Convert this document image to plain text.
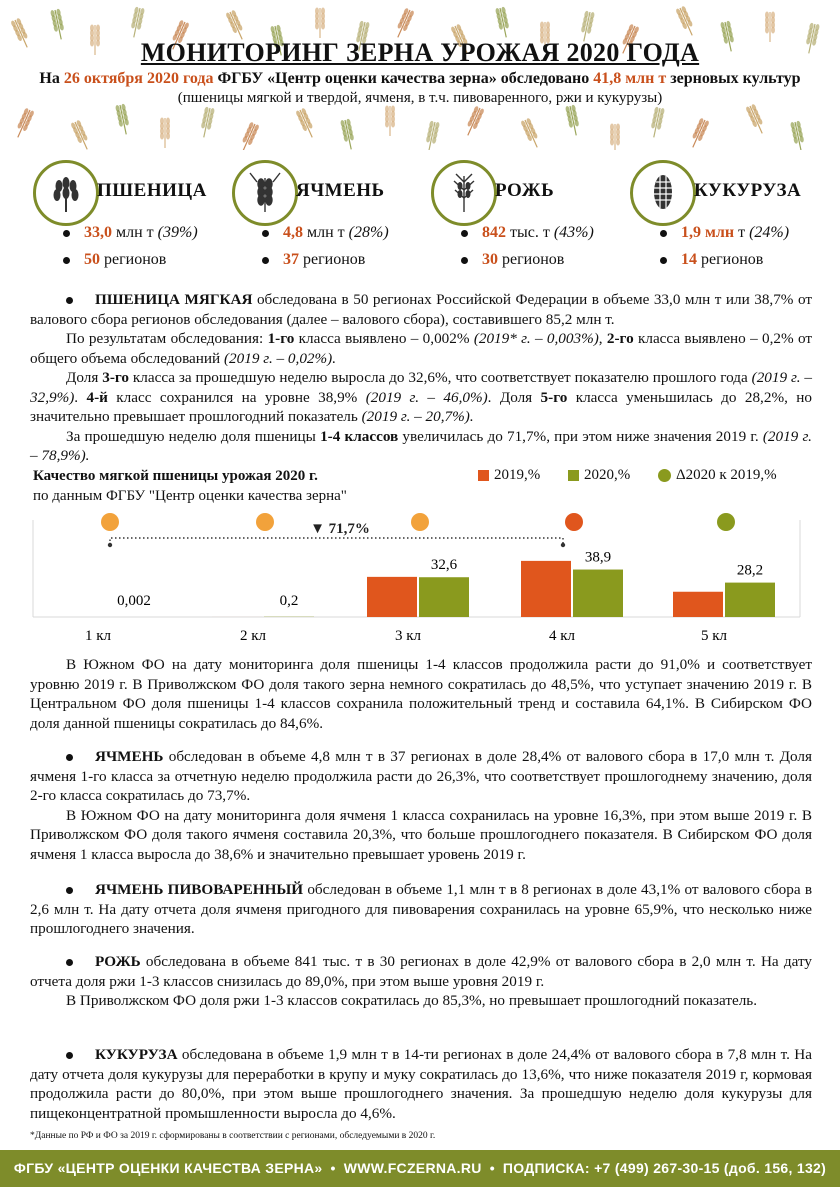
МОНИТОРИНГ ЗЕРНА УРОЖАЯ 2020 ГОДА
На 26 октября 2020 года ФГБУ «Центр оценки качества зерна» обследовано 41,8 млн т зерновых культур
(пшеницы мягкой и твердой, ячменя, в т.ч. пивоваренного, ржи и кукурузы)
ПШЕНИЦА
33,0 млн т (39%)
50 регионов
ЯЧМЕНЬ
4,8 млн т (28%)
37 регионов
РОЖЬ
842 тыс. т (43%)
30 регионов
КУКУРУЗА
1,9 млн т (24%)
14 регионов

ПШЕНИЦА МЯГКАЯ обследована в 50 регионах Российской Федерации в объеме 33,0 млн т или 38,7% от валового сбора регионов обследования (далее – валового сбора), составившего 85,2 млн т.

По результатам обследования: 1-го класса выявлено – 0,002% (2019* г. – 0,003%), 2-го класса выявлено – 0,2% от общего объема обследований (2019 г. – 0,02%).

Доля 3-го класса за прошедшую неделю выросла до 32,6%, что соответствует показателю прошлого года (2019 г. – 32,9%). 4-й класс сохранился на уровне 38,9% (2019 г. – 46,0%). Доля 5-го класса уменьшилась до 28,2%, но значительно превышает прошлогодний показатель (2019 г. – 20,7%).

За прошедшую неделю доля пшеницы 1-4 классов увеличилась до 71,7%, при этом ниже значения 2019 г. (2019 г. – 78,9%).

Качество мягкой пшеницы урожая 2020 г.
по данным ФГБУ "Центр оценки качества зерна"
2019,%	2020,%	Δ2020 к 2019,%
0,002
1 кл
0,2
2 кл
32,6
3 кл
38,9
4 кл
28,2
5 кл
▼ 71,7%

В Южном ФО на дату мониторинга доля пшеницы 1-4 классов продолжила расти до 91,0% и соответствует уровню 2019 г. В Приволжском ФО доля такого зерна немного сократилась до 48,5%, что уступает значению 2019 г. В Центральном ФО доля пшеницы 1-4 классов сохранила положительный тренд и составила 64,1%. В Сибирском ФО доля данной пшеницы сократилась до 84,6%.

ЯЧМЕНЬ обследован в объеме 4,8 млн т в 37 регионах в доле 28,4% от валового сбора в 17,0 млн т. Доля ячменя 1-го класса за отчетную неделю продолжила расти до 26,3%, что соответствует прошлогоднему значению, доля 2-го класса сократилась до 73,7%.

В Южном ФО на дату мониторинга доля ячменя 1 класса сохранилась на уровне 16,3%, при этом выше 2019 г. В Приволжском ФО доля такого ячменя составила 20,3%, что больше прошлогоднего показателя. В Сибирском ФО доля ячменя 1 класса выросла до 38,6% и значительно превышает уровень 2019 г.

ЯЧМЕНЬ ПИВОВАРЕННЫЙ обследован в объеме 1,1 млн т в 8 регионах в доле 43,1% от валового сбора в 2,6 млн т. На дату отчета доля ячменя пригодного для пивоварения сохранилась на уровне 65,9%, что несколько ниже прошлогоднего значения.

РОЖЬ обследована в объеме 841 тыс. т в 30 регионах в доле 42,9% от валового сбора в 2,0 млн т. На дату отчета доля ржи 1-3 классов снизилась до 89,0%, при этом выше уровня 2019 г.

В Приволжском ФО доля ржи 1-3 классов сократилась до 85,3%, но превышает прошлогодний показатель.

КУКУРУЗА обследована в объеме 1,9 млн т в 14-ти регионах в доле 24,4% от валового сбора в 7,8 млн т. На дату отчета доля кукурузы для переработки в крупу и муку сократилась до 13,6%, что ниже показателя 2019 г, кормовая продолжила расти до 80,0%, при этом выше прошлогоднего значения. За прошедшую неделю доля кукурузы для пищеконцентратной промышленности выросла до 4,6%.

*Данные по РФ и ФО за 2019 г. сформированы в соответствии с регионами, обследуемыми в 2020 г.
ФГБУ «ЦЕНТР ОЦЕНКИ КАЧЕСТВА ЗЕРНА» • WWW.FCZERNA.RU • ПОДПИСКА: +7 (499) 267-30-15 (доб. 156, 132)
